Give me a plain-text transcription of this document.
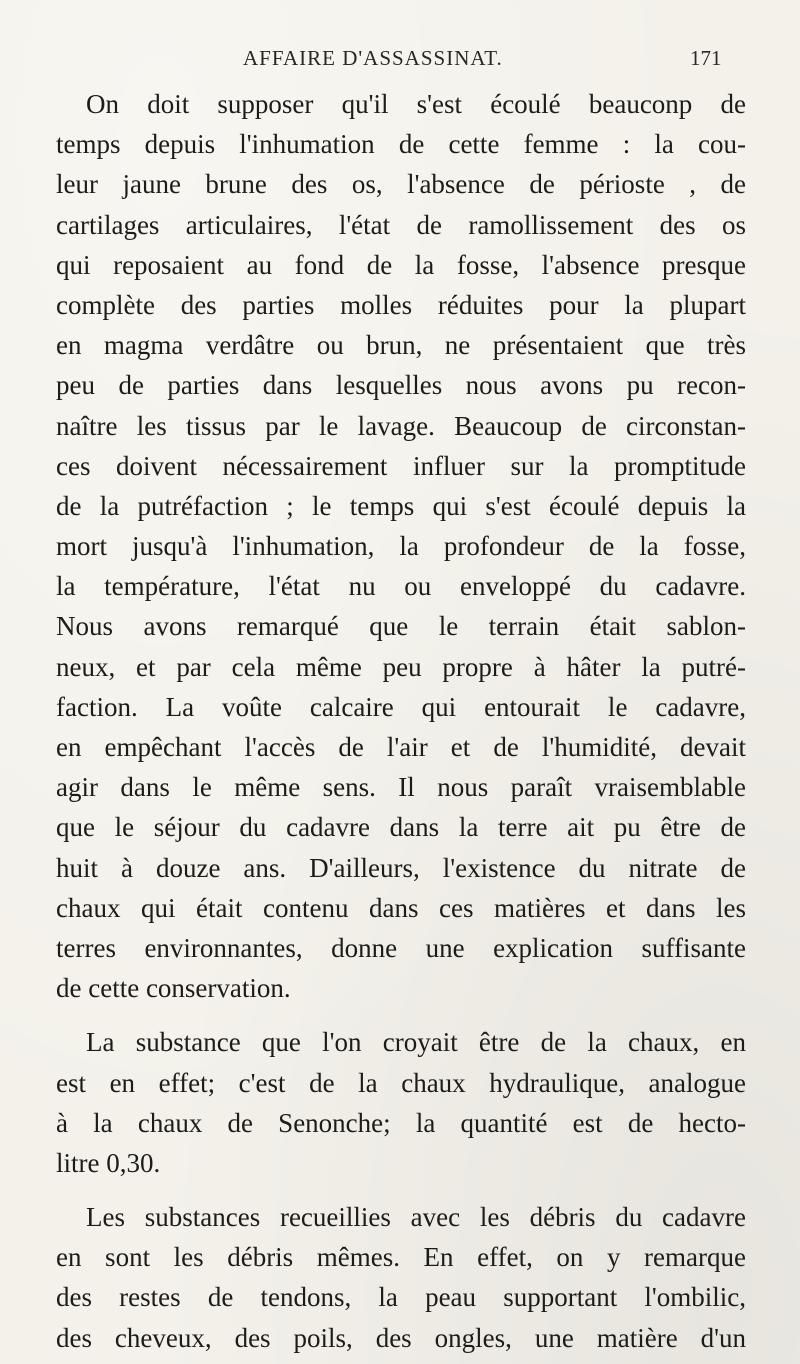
AFFAIRE D'ASSASSINAT.	171
On doit supposer qu'il s'est écoulé beauconp de
temps depuis l'inhumation de cette femme : la cou-
leur jaune brune des os, l'absence de périoste , de
cartilages articulaires, l'état de ramollissement des os
qui reposaient au fond de la fosse, l'absence presque
complète des parties molles réduites pour la plupart
en magma verdâtre ou brun, ne présentaient que très
peu de parties dans lesquelles nous avons pu recon-
naître les tissus par le lavage. Beaucoup de circonstan-
ces doivent nécessairement influer sur la promptitude
de la putréfaction ; le temps qui s'est écoulé depuis la
mort jusqu'à l'inhumation, la profondeur de la fosse,
la température, l'état nu ou enveloppé du cadavre.
Nous avons remarqué que le terrain était sablon-
neux, et par cela même peu propre à hâter la putré-
faction. La voûte calcaire qui entourait le cadavre,
en empêchant l'accès de l'air et de l'humidité, devait
agir dans le même sens. Il nous paraît vraisemblable
que le séjour du cadavre dans la terre ait pu être de
huit à douze ans. D'ailleurs, l'existence du nitrate de
chaux qui était contenu dans ces matières et dans les
terres environnantes, donne une explication suffisante
de cette conservation.
La substance que l'on croyait être de la chaux, en
est en effet; c'est de la chaux hydraulique, analogue
à la chaux de Senonche; la quantité est de hecto-
litre 0,30.
Les substances recueillies avec les débris du cadavre
en sont les débris mêmes. En effet, on y remarque
des restes de tendons, la peau supportant l'ombilic,
des cheveux, des poils, des ongles, une matière d'un
